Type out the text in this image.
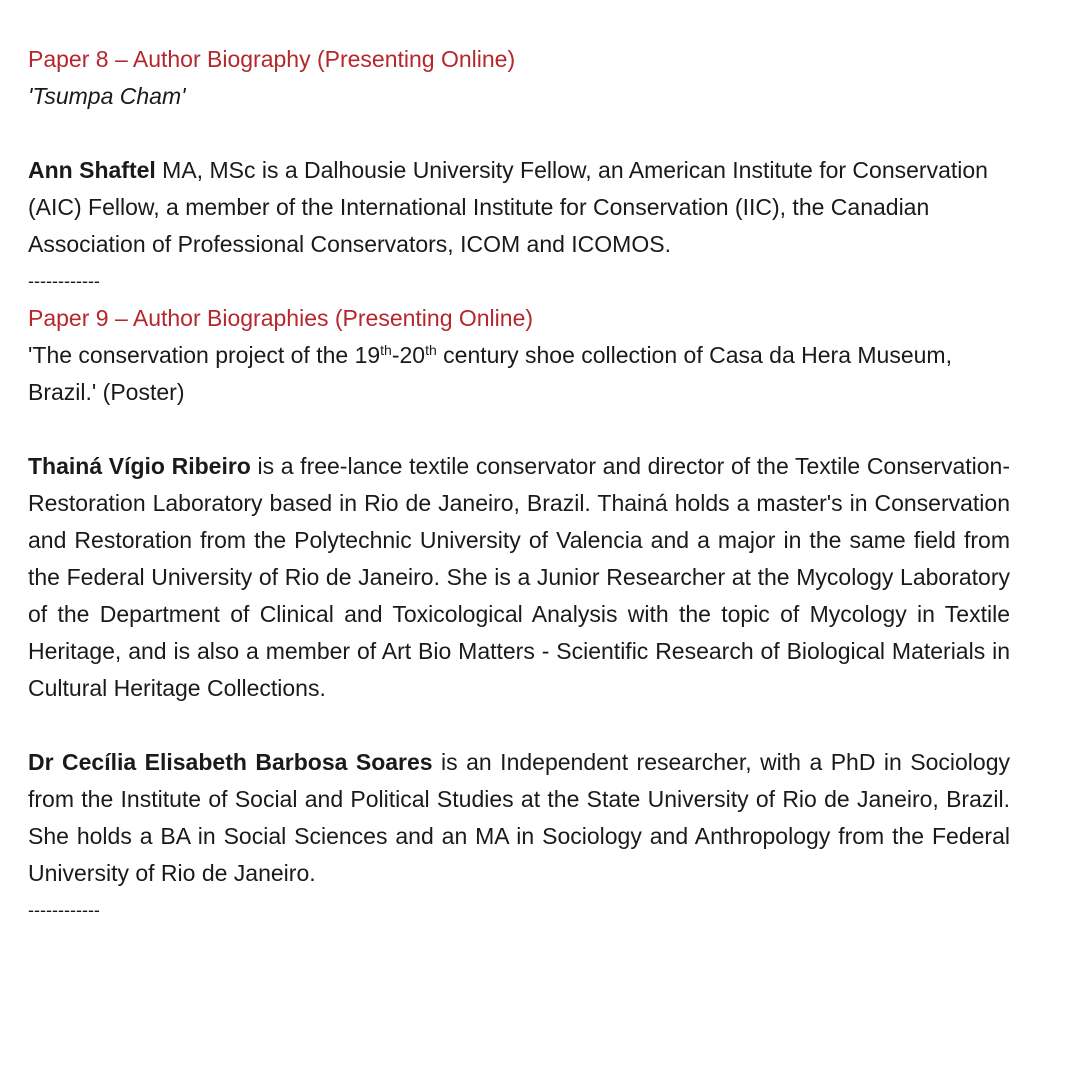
Paper 8 – Author Biography (Presenting Online)

'Tsumpa Cham'

Ann Shaftel MA, MSc is a Dalhousie University Fellow, an American Institute for Conservation (AIC) Fellow, a member of the International Institute for Conservation (IIC), the Canadian Association of Professional Conservators, ICOM and ICOMOS.

------------

Paper 9 – Author Biographies (Presenting Online)

'The conservation project of the 19th-20th century shoe collection of Casa da Hera Museum, Brazil.' (Poster)

Thainá Vígio Ribeiro is a free-lance textile conservator and director of the Textile Conservation-Restoration Laboratory based in Rio de Janeiro, Brazil. Thainá holds a master's in Conservation and Restoration from the Polytechnic University of Valencia and a major in the same field from the Federal University of Rio de Janeiro. She is a Junior Researcher at the Mycology Laboratory of the Department of Clinical and Toxicological Analysis with the topic of Mycology in Textile Heritage, and is also a member of Art Bio Matters - Scientific Research of Biological Materials in Cultural Heritage Collections.

Dr Cecília Elisabeth Barbosa Soares is an Independent researcher, with a PhD in Sociology from the Institute of Social and Political Studies at the State University of Rio de Janeiro, Brazil. She holds a BA in Social Sciences and an MA in Sociology and Anthropology from the Federal University of Rio de Janeiro.

------------
